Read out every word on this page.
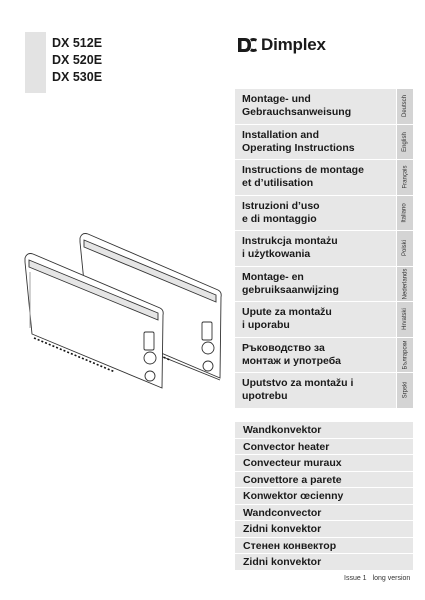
DX 512E
DX 520E
DX 530E
Dimplex
Montage- und
Gebrauchsanweisung	Deutsch
Installation and
Operating Instructions	English
Instructions de montage
et d’utilisation	Français
Istruzioni d’uso
e di montaggio	Italiano
Instrukcja montażu
i użytkowania	Polski
Montage- en
gebruiksaanwijzing	Nederlands
Upute za montažu
i uporabu	Hrvatski
Ръководство за
монтаж и употреба	Български
Uputstvo za montažu i
upotrebu	Srpski
Wandkonvektor
Convector heater
Convecteur muraux
Convettore a parete
Konwektor œcienny
Wandconvector
Zidni konvektor
Стенен конвектор
Zidni konvektor
Issue 1 long version
